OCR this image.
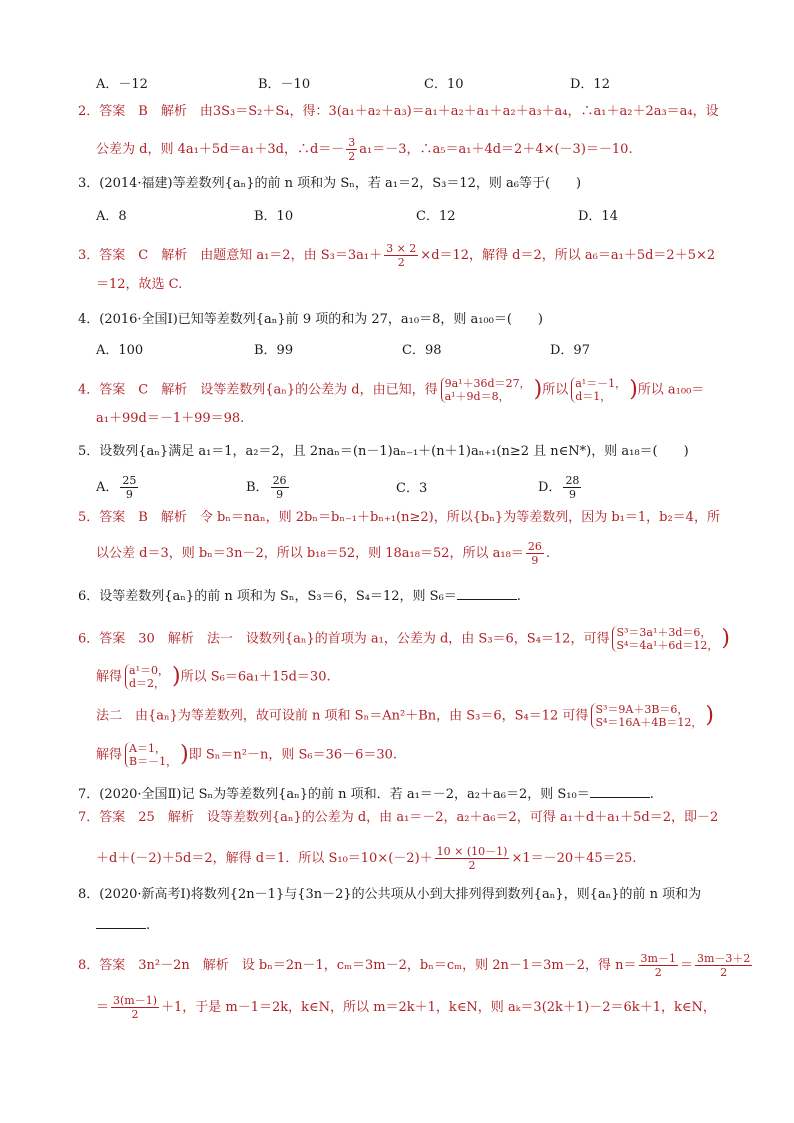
A．－12	B．－10	C．10	D．12
2．答案　B　解析　由3S₃＝S₂＋S₄，得：3(a₁＋a₂＋a₃)＝a₁＋a₂＋a₁＋a₂＋a₃＋a₄，∴a₁＋a₂＋2a₃＝a₄，设
公差为 d，则 4a₁＋5d＝a₁＋3d，∴d＝－ $\frac{3}{2} a_1=-3$，∴a₅＝a₁＋4d＝2＋4×(－3)＝－10.
3．(2014·福建)等差数列{aₙ}的前 n 项和为 Sₙ，若 a₁＝2，S₃＝12，则 a₆等于(　　)
A．8	B．10	C．12	D．14
3．答案　C　解析　由题意知 a₁＝2，由 $S_3=3a_1+ \frac{3 \times 2}{2} \times d=12$，解得 d＝2，所以 a₆＝a₁＋5d＝2＋5×2
＝12，故选 C.
4．(2016·全国Ⅰ)已知等差数列{aₙ}前 9 项的和为 27，a₁₀＝8，则 a₁₀₀＝(　　)
A．100	B．99	C．98	D．97
4．答案　C　解析　设等差数列{aₙ}的公差为 d，由已知，得 9a¹＋36d＝27，
a¹＋9d＝8，	)所以 a¹＝－1，
d＝1， )所以 a₁₀₀＝
a₁＋99d＝－1＋99＝98.
5．设数列{aₙ}满足 a₁＝1，a₂＝2，且 2naₙ＝(n－1)aₙ₋₁＋(n＋1)aₙ₊₁(n≥2 且 n∈N*)，则 a₁₈＝(　　)
A． $\frac{25}{9}$	B． $\frac{26}{9}$	C．3	D． $\frac{28}{9}$
5．答案　B　解析　令 bₙ＝naₙ，则 2bₙ＝bₙ₋₁＋bₙ₊₁(n≥2)，所以{bₙ}为等差数列，因为 b₁＝1，b₂＝4，所
以公差 d＝3，则 bₙ＝3n－2，所以 b₁₈＝52，则 18a₁₈＝52，所以 $a_{18}= \frac{26}{9}$ .
6．设等差数列{aₙ}的前 n 项和为 Sₙ，S₃＝6，S₄＝12，则 S₆＝	.
6．答案　30　解析　法一　设数列{aₙ}的首项为 a₁，公差为 d，由 S₃＝6，S₄＝12，可得 S³＝3a¹＋3d＝6，
S⁴＝4a¹＋6d＝12， )
解得 a¹＝0，
d＝2， )所以 S₆＝6a₁＋15d＝30.
法二　由{aₙ}为等差数列，故可设前 n 项和 Sₙ＝An²＋Bn，由 S₃＝6，S₄＝12 可得 S³＝9A＋3B＝6，
S⁴＝16A＋4B＝12， )
解得 A＝1，
B＝－1， )即 Sₙ＝n²－n，则 S₆＝36－6＝30.
7．(2020·全国Ⅱ)记 Sₙ为等差数列{aₙ}的前 n 项和．若 a₁＝－2，a₂＋a₆＝2，则 S₁₀＝	.
7．答案　25　解析　设等差数列{aₙ}的公差为 d，由 a₁＝－2，a₂＋a₆＝2，可得 a₁＋d＋a₁＋5d＝2，即－2
＋d＋(－2)＋5d＝2，解得 d＝1．所以 $S_{10}=10\times(-2)+ \frac{10 \times (10-1)}{2} \times 1=-20+45=25$.
8．(2020·新高考Ⅰ)将数列{2n－1}与{3n－2}的公共项从小到大排列得到数列{aₙ}，则{aₙ}的前 n 项和为
.
8．答案　3n²－2n　解析　设 bₙ＝2n－1，cₘ＝3m－2，bₙ＝cₘ，则 2n－1＝3m－2，得 $n= \frac{3m-1}{2} = \frac{3m-3+2}{2}$
＝ $\frac{3(m-1)}{2} +1$，于是 m－1＝2k，k∈N，所以 m＝2k＋1，k∈N，则 aₖ＝3(2k＋1)－2＝6k＋1，k∈N，
